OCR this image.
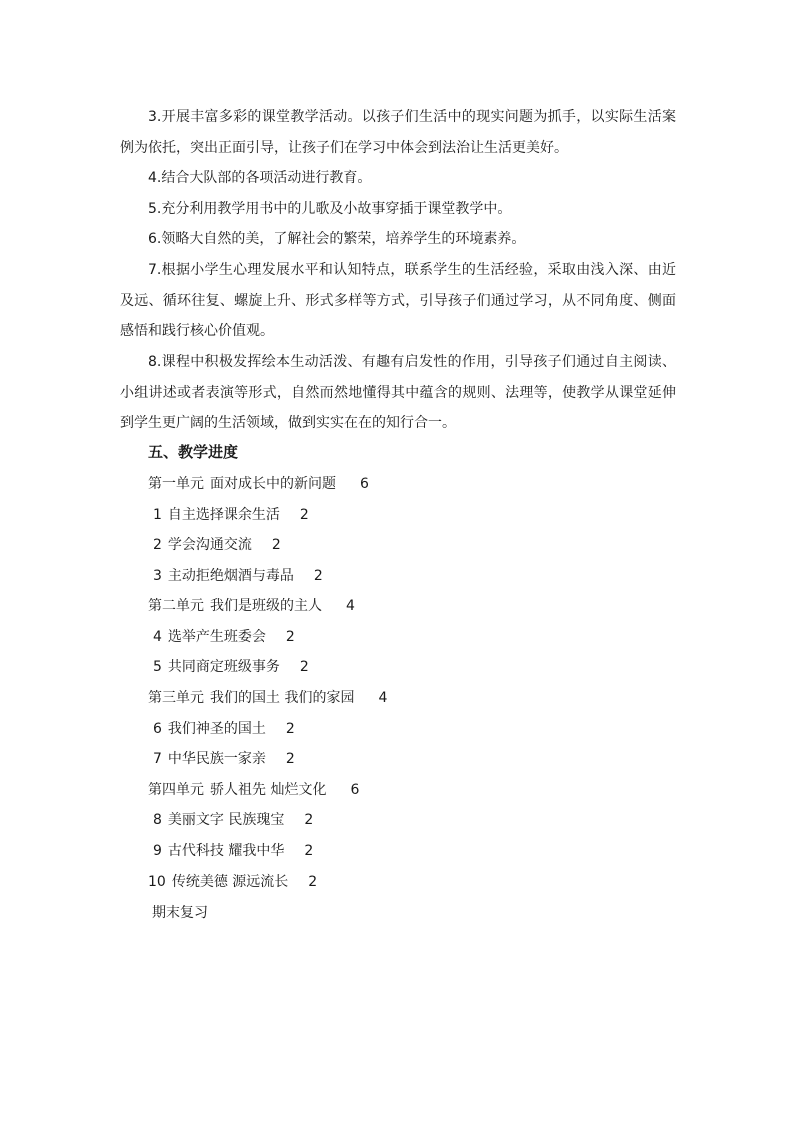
3.开展丰富多彩的课堂教学活动。以孩子们生活中的现实问题为抓手，以实际生活案例为依托，突出正面引导，让孩子们在学习中体会到法治让生活更美好。

4.结合大队部的各项活动进行教育。

5.充分利用教学用书中的儿歌及小故事穿插于课堂教学中。

6.领略大自然的美，了解社会的繁荣，培养学生的环境素养。

7.根据小学生心理发展水平和认知特点，联系学生的生活经验，采取由浅入深、由近及远、循环往复、螺旋上升、形式多样等方式，引导孩子们通过学习，从不同角度、侧面感悟和践行核心价值观。

8.课程中积极发挥绘本生动活泼、有趣有启发性的作用，引导孩子们通过自主阅读、小组讲述或者表演等形式，自然而然地懂得其中蕴含的规则、法理等，使教学从课堂延伸到学生更广阔的生活领域，做到实实在在的知行合一。

五、教学进度
第一单元 面对成长中的新问题 6
1 自主选择课余生活 2
2 学会沟通交流 2
3 主动拒绝烟酒与毒品 2
第二单元 我们是班级的主人 4
4 选举产生班委会 2
5 共同商定班级事务 2
第三单元 我们的国土 我们的家园 4
6 我们神圣的国土 2
7 中华民族一家亲 2
第四单元 骄人祖先 灿烂文化 6
8 美丽文字 民族瑰宝 2
9 古代科技 耀我中华 2
10 传统美德 源远流长 2
期末复习
